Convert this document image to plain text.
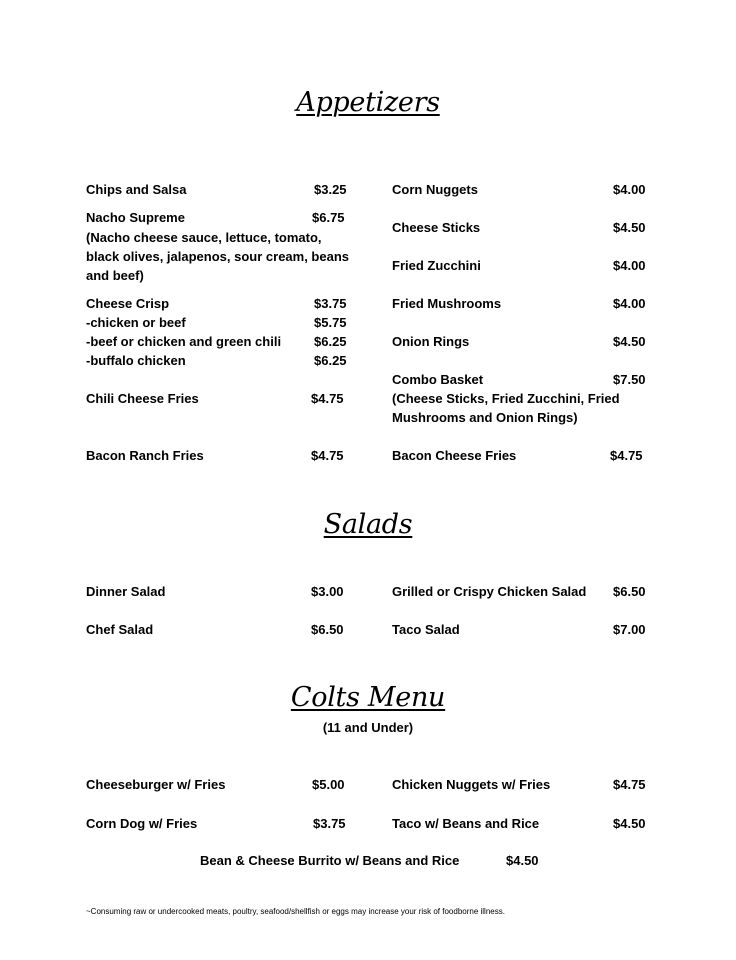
Appetizers
Chips and Salsa	$3.25
Nacho Supreme	$6.75
(Nacho cheese sauce, lettuce, tomato,
black olives, jalapenos, sour cream, beans
and beef)
Cheese Crisp	$3.75
-chicken or beef	$5.75
-beef or chicken and green chili	$6.25
-buffalo chicken	$6.25
Chili Cheese Fries	$4.75
Bacon Ranch Fries	$4.75
Corn Nuggets	$4.00
Cheese Sticks	$4.50
Fried Zucchini	$4.00
Fried Mushrooms	$4.00
Onion Rings	$4.50
Combo Basket	$7.50
(Cheese Sticks, Fried Zucchini, Fried
Mushrooms and Onion Rings)
Bacon Cheese Fries	$4.75
Salads
Dinner Salad	$3.00
Chef Salad	$6.50
Grilled or Crispy Chicken Salad $6.50
Taco Salad	$7.00
Colts Menu
(11 and Under)
Cheeseburger w/ Fries	$5.00
Corn Dog w/ Fries	$3.75
Chicken Nuggets w/ Fries	$4.75
Taco w/ Beans and Rice	$4.50
Bean & Cheese Burrito w/ Beans and Rice	$4.50
~Consuming raw or undercooked meats, poultry, seafood/shellfish or eggs may increase your risk of foodborne illness.
